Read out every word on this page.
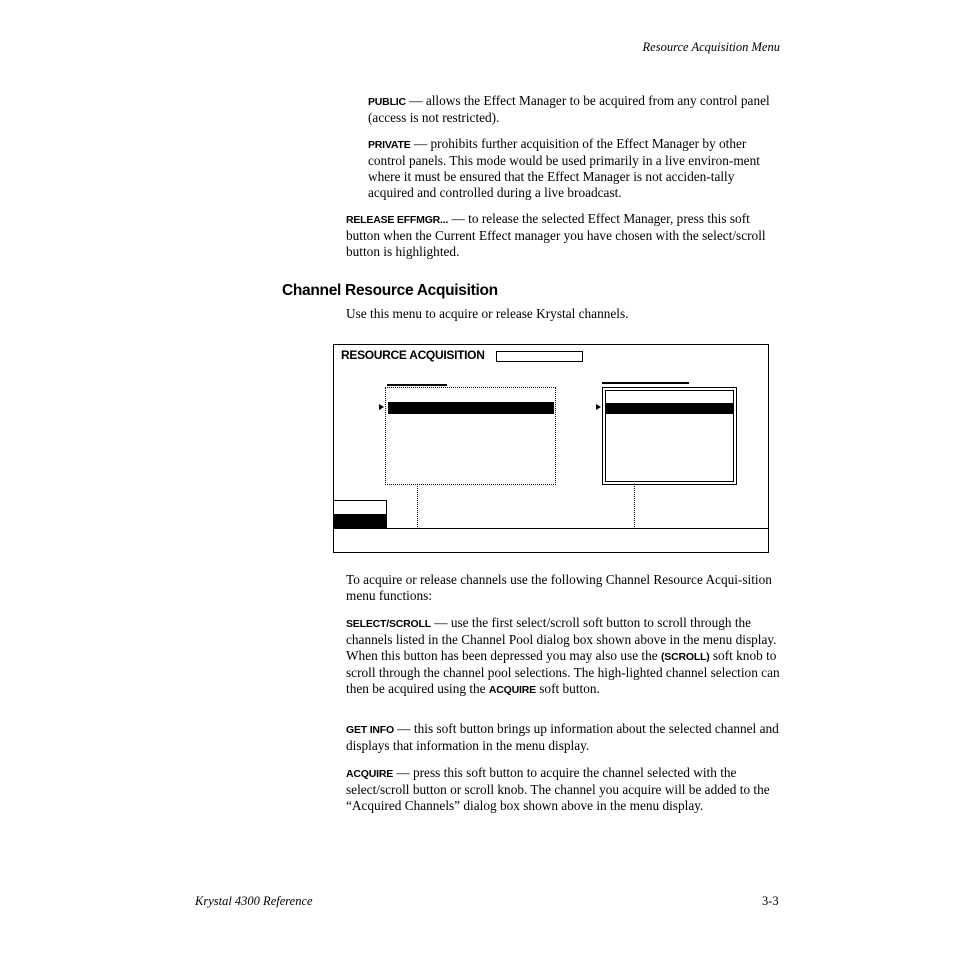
Resource Acquisition Menu

PUBLIC — allows the Effect Manager to be acquired from any control panel (access is not restricted).

PRIVATE — prohibits further acquisition of the Effect Manager by other control panels. This mode would be used primarily in a live environ-ment where it must be ensured that the Effect Manager is not acciden-tally acquired and controlled during a live broadcast.

RELEASE EFFMGR... — to release the selected Effect Manager, press this soft button when the Current Effect manager you have chosen with the select/scroll button is highlighted.

Channel Resource Acquisition

Use this menu to acquire or release Krystal channels.

RESOURCE ACQUISITION

To acquire or release channels use the following Channel Resource Acqui-sition menu functions:

SELECT/SCROLL — use the first select/scroll soft button to scroll through the channels listed in the Channel Pool dialog box shown above in the menu display. When this button has been depressed you may also use the (SCROLL) soft knob to scroll through the channel pool selections. The high-lighted channel selection can then be acquired using the ACQUIRE soft button.

GET INFO — this soft button brings up information about the selected channel and displays that information in the menu display.

ACQUIRE — press this soft button to acquire the channel selected with the select/scroll button or scroll knob. The channel you acquire will be added to the “Acquired Channels” dialog box shown above in the menu display.

Krystal 4300 Reference	3-3
